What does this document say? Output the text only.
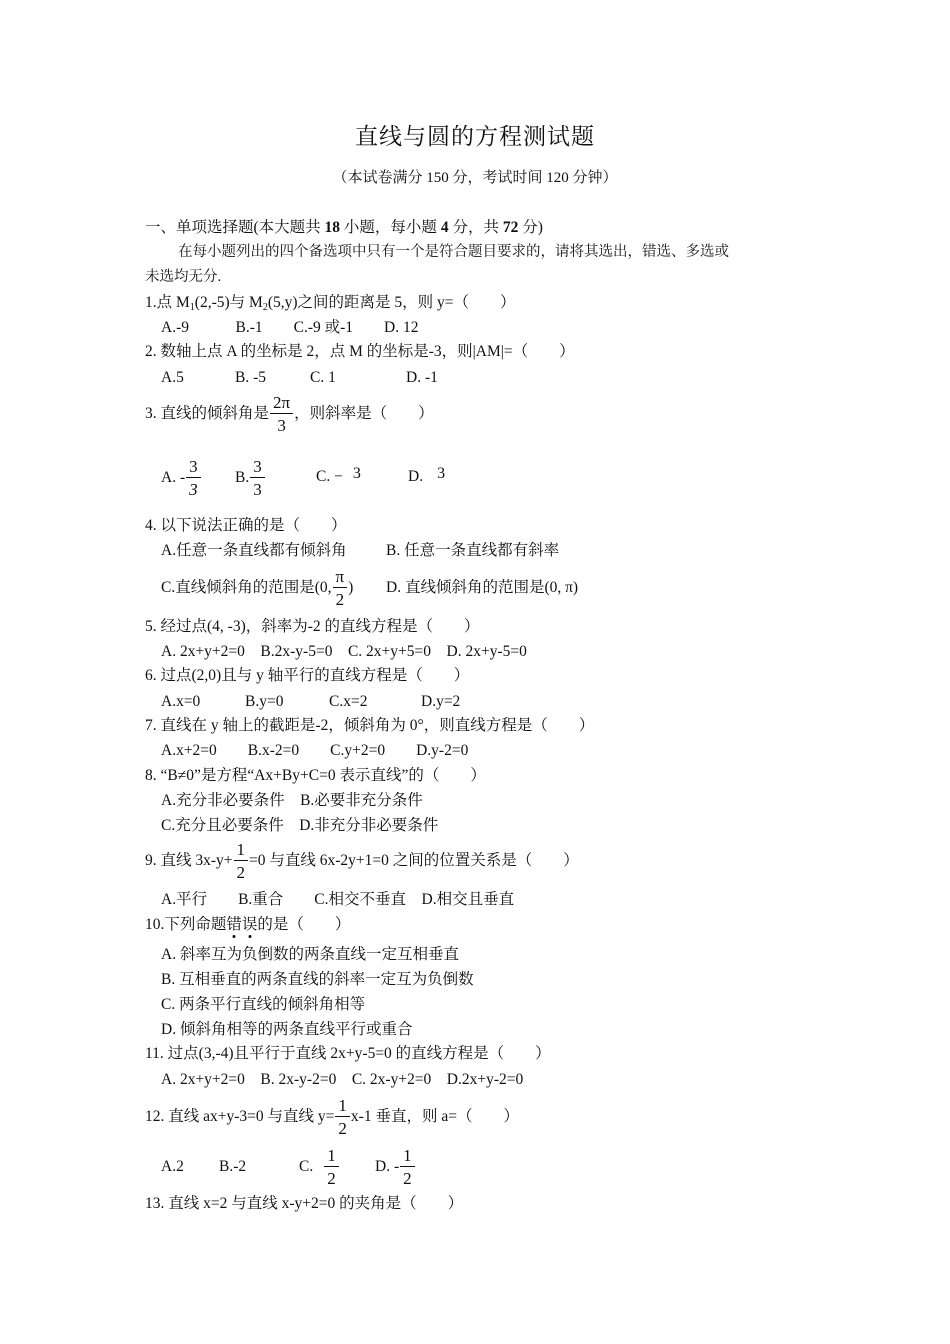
直线与圆的方程测试题
（本试卷满分 150 分，考试时间 120 分钟）
一、单项选择题(本大题共 18 小题，每小题 4 分，共 72 分)
在每小题列出的四个备选项中只有一个是符合题目要求的，请将其选出，错选、多选或
未选均无分.
1.点 $M_1(2,-5)$与 $M_2(5,y)$之间的距离是 5，则 y=（　　）
A.-9　　　B.-1　　C.-9 或-1　　D. 12
2. 数轴上点 A 的坐标是 2，点 M 的坐标是-3，则|AM|=（　　）
A.5	B. -5	C. 1	D. -1
3. 直线的倾斜角是 $\frac{2\pi}{3}$ ，则斜率是（　　）
A. - $\frac{3}{3} B$. $\frac{3}{3}$	C. − 3	D. 3
4. 以下说法正确的是（　　）
A.任意一条直线都有倾斜角	B. 任意一条直线都有斜率
C.直线倾斜角的范围是(0, $\frac{\pi}{2}$ ) D. 直线倾斜角的范围是(0, π)
5. 经过点(4, -3)，斜率为-2 的直线方程是（　　）
A. 2x+y+2=0　B.2x-y-5=0　C. 2x+y+5=0　D. 2x+y-5=0
6. 过点(2,0)且与 y 轴平行的直线方程是（　　）
A.x=0	B.y=0	C.x=2	D.y=2
7. 直线在 y 轴上的截距是-2，倾斜角为 0°，则直线方程是（　　）
A.x+2=0　　B.x-2=0　　C.y+2=0　　D.y-2=0
8. “B≠0”是方程“Ax+By+C=0 表示直线”的（　　）
A.充分非必要条件　B.必要非充分条件
C.充分且必要条件　D.非充分非必要条件
9. 直线 $3x-y+ \frac{1}{2} =0$ 与直线 6x-2y+1=0 之间的位置关系是（　　）
A.平行　　B.重合　　C.相交不垂直　D.相交且垂直
10.下列命题错误的是（　　）
A. 斜率互为负倒数的两条直线一定互相垂直
B. 互相垂直的两条直线的斜率一定互为负倒数
C. 两条平行直线的倾斜角相等
D. 倾斜角相等的两条直线平行或重合
11. 过点(3,-4)且平行于直线 2x+y-5=0 的直线方程是（　　）
A. 2x+y+2=0　B. 2x-y-2=0　C. 2x-y+2=0　D.2x+y-2=0
12. 直线 ax+y-3=0 与直线 $y= \frac{1}{2} x-1$ 垂直，则 a=（　　）
A.2 B.-2	C. $\frac{1}{2} D$. - $\frac{1}{2}$
13. 直线 x=2 与直线 x-y+2=0 的夹角是（　　）
